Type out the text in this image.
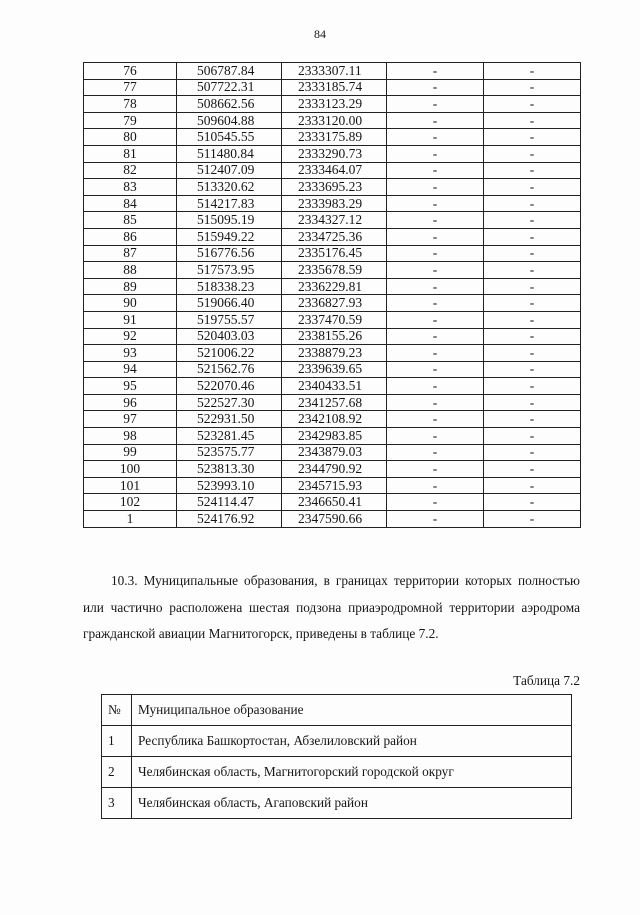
84
76	506787.84	2333307.11	-	-
77	507722.31	2333185.74	-	-
78	508662.56	2333123.29	-	-
79	509604.88	2333120.00	-	-
80	510545.55	2333175.89	-	-
81	511480.84	2333290.73	-	-
82	512407.09	2333464.07	-	-
83	513320.62	2333695.23	-	-
84	514217.83	2333983.29	-	-
85	515095.19	2334327.12	-	-
86	515949.22	2334725.36	-	-
87	516776.56	2335176.45	-	-
88	517573.95	2335678.59	-	-
89	518338.23	2336229.81	-	-
90	519066.40	2336827.93	-	-
91	519755.57	2337470.59	-	-
92	520403.03	2338155.26	-	-
93	521006.22	2338879.23	-	-
94	521562.76	2339639.65	-	-
95	522070.46	2340433.51	-	-
96	522527.30	2341257.68	-	-
97	522931.50	2342108.92	-	-
98	523281.45	2342983.85	-	-
99	523575.77	2343879.03	-	-
100	523813.30	2344790.92	-	-
101	523993.10	2345715.93	-	-
102	524114.47	2346650.41	-	-
1	524176.92	2347590.66	-	-

10.3. Муниципальные образования, в границах территории которых полностью или частично расположена шестая подзона приаэродромной территории аэродрома гражданской авиации Магнитогорск, приведены в таблице 7.2.

Таблица 7.2
№	Муниципальное образование
1	Республика Башкортостан, Абзелиловский район
2	Челябинская область, Магнитогорский городской округ
3	Челябинская область, Агаповский район
